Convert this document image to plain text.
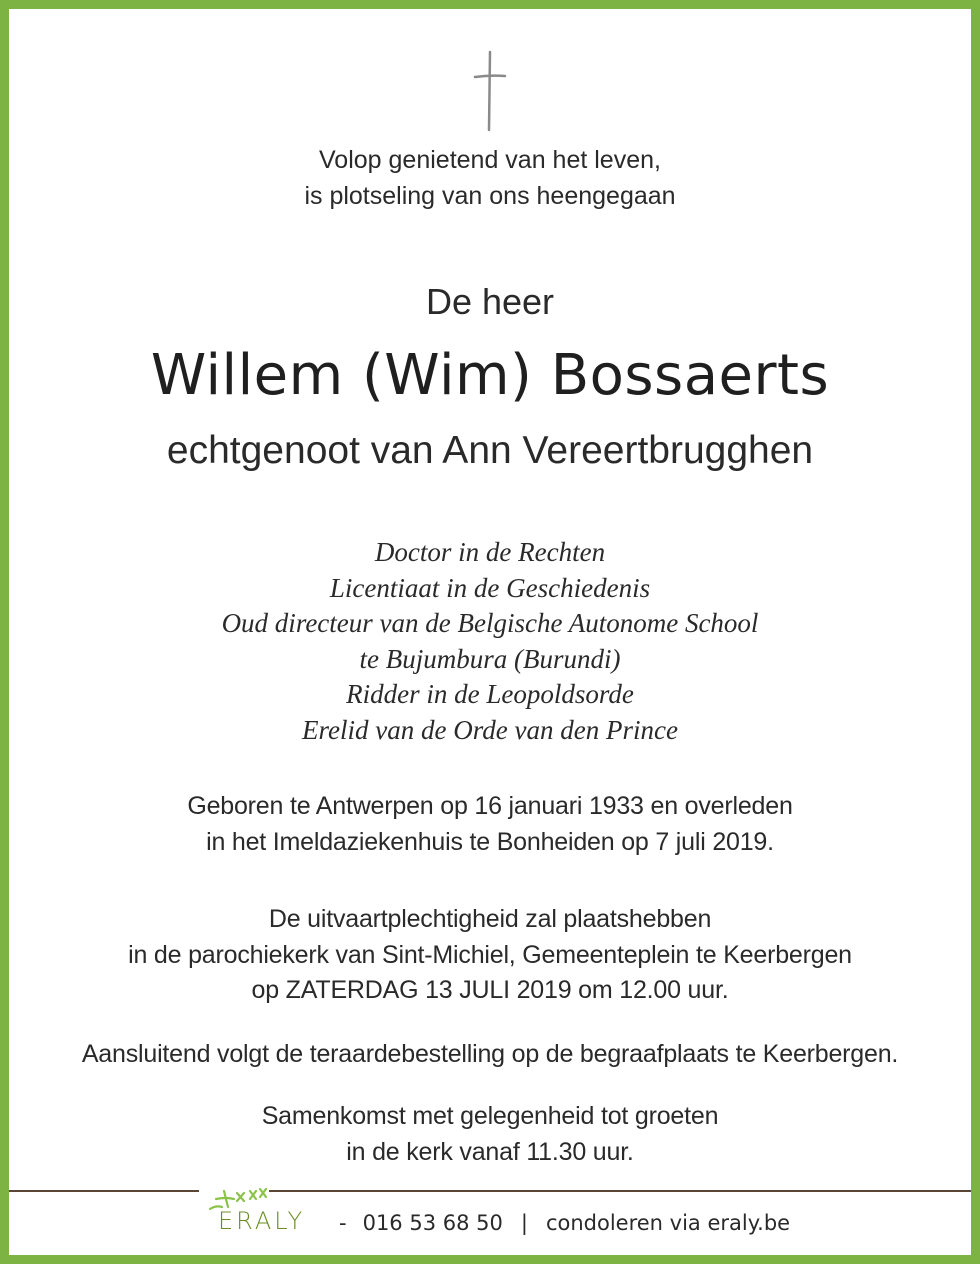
Volop genietend van het leven,
is plotseling van ons heengegaan
De heer
Willem (Wim) Bossaerts
echtgenoot van Ann Vereertbrugghen
Doctor in de Rechten
Licentiaat in de Geschiedenis
Oud directeur van de Belgische Autonome School
te Bujumbura (Burundi)
Ridder in de Leopoldsorde
Erelid van de Orde van den Prince
Geboren te Antwerpen op 16 januari 1933 en overleden
in het Imeldaziekenhuis te Bonheiden op 7 juli 2019.
De uitvaartplechtigheid zal plaatshebben
in de parochiekerk van Sint-Michiel, Gemeenteplein te Keerbergen
op ZATERDAG 13 JULI 2019 om 12.00 uur.
Aansluitend volgt de teraardebestelling op de begraafplaats te Keerbergen.
Samenkomst met gelegenheid tot groeten
in de kerk vanaf 11.30 uur.
ERALY - 016 53 68 50 | condoleren via eraly.be
